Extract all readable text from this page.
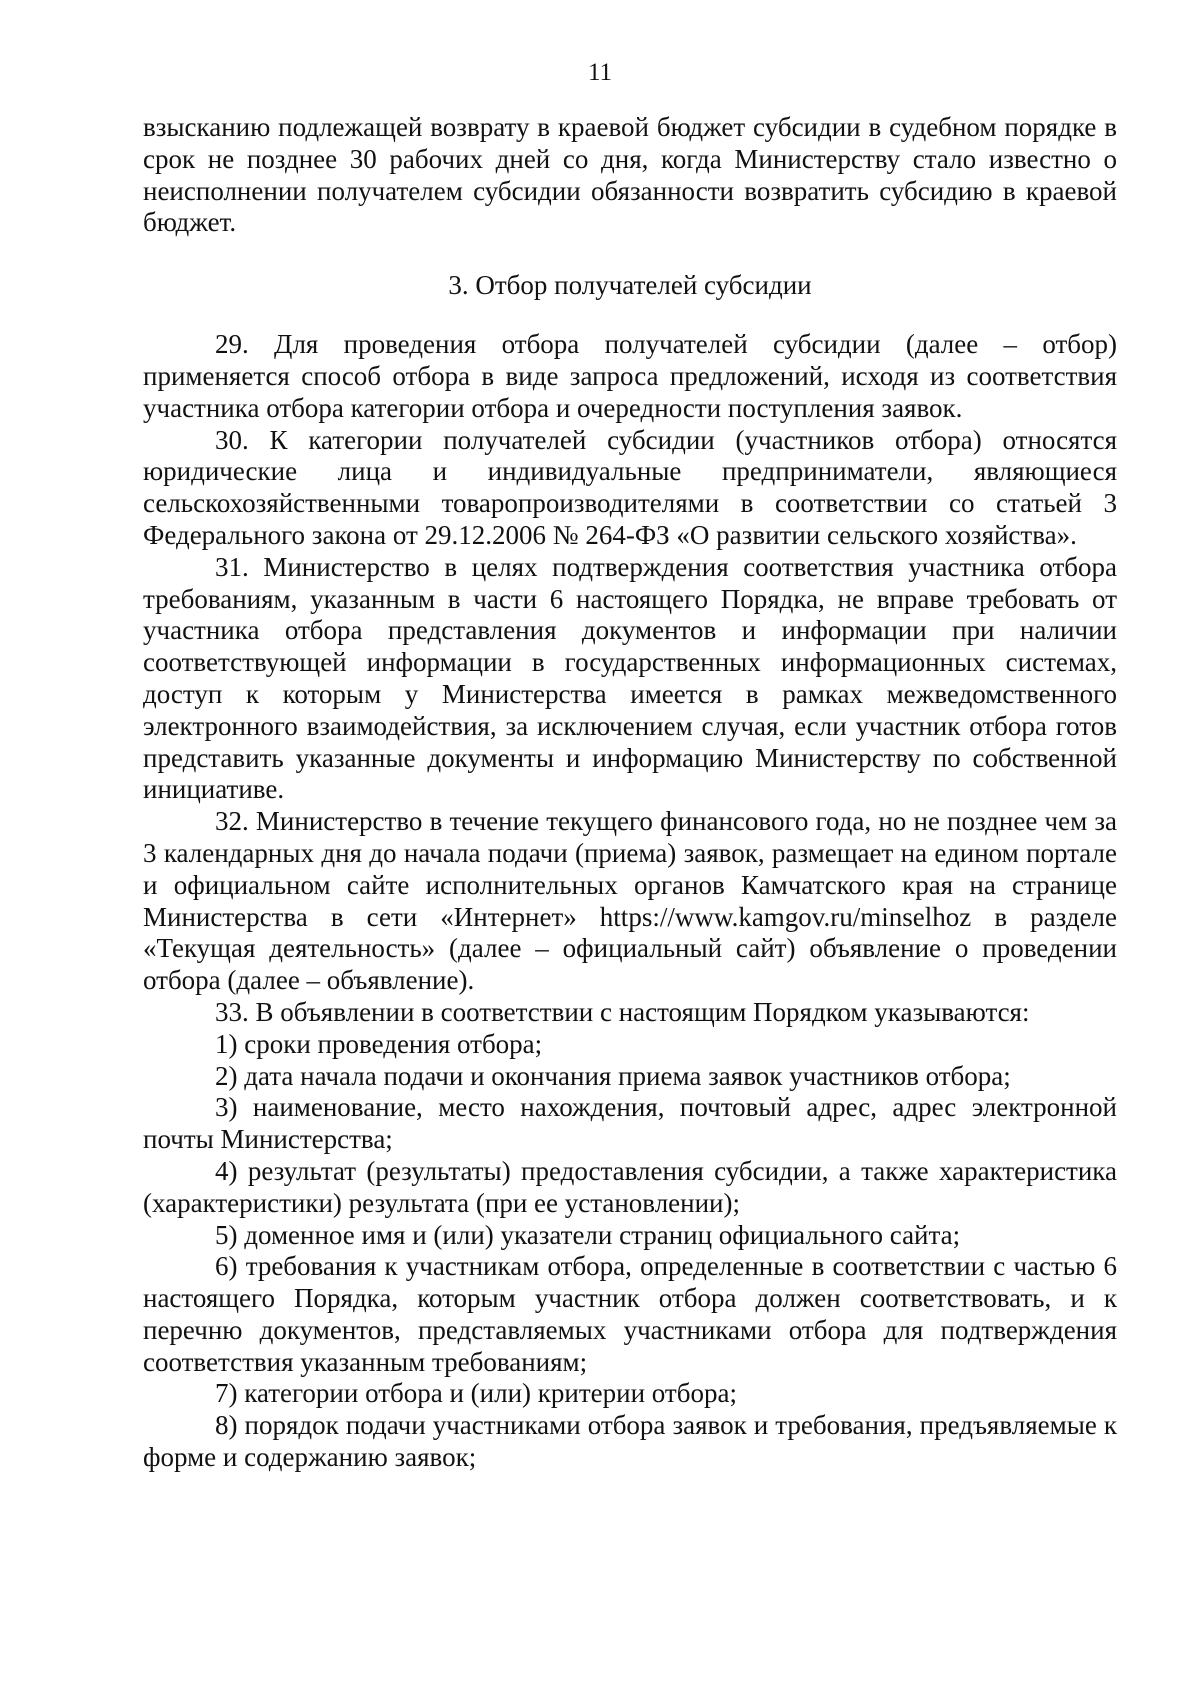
11

взысканию подлежащей возврату в краевой бюджет субсидии в судебном порядке в срок не позднее 30 рабочих дней со дня, когда Министерству стало известно о неисполнении получателем субсидии обязанности возвратить субсидию в краевой бюджет.

3. Отбор получателей субсидии

29. Для проведения отбора получателей субсидии (далее – отбор) применяется способ отбора в виде запроса предложений, исходя из соответствия участника отбора категории отбора и очередности поступления заявок.

30. К категории получателей субсидии (участников отбора) относятся юридические лица и индивидуальные предприниматели, являющиеся сельскохозяйственными товаропроизводителями в соответствии со статьей 3 Федерального закона от 29.12.2006 № 264-ФЗ «О развитии сельского хозяйства».

31. Министерство в целях подтверждения соответствия участника отбора требованиям, указанным в части 6 настоящего Порядка, не вправе требовать от участника отбора представления документов и информации при наличии соответствующей информации в государственных информационных системах, доступ к которым у Министерства имеется в рамках межведомственного электронного взаимодействия, за исключением случая, если участник отбора готов представить указанные документы и информацию Министерству по собственной инициативе.

32. Министерство в течение текущего финансового года, но не позднее чем за 3 календарных дня до начала подачи (приема) заявок, размещает на едином портале и официальном сайте исполнительных органов Камчатского края на странице Министерства в сети «Интернет» https://www.kamgov.ru/minselhoz в разделе «Текущая деятельность» (далее – официальный сайт) объявление о проведении отбора (далее – объявление).

33. В объявлении в соответствии с настоящим Порядком указываются:

1) сроки проведения отбора;

2) дата начала подачи и окончания приема заявок участников отбора;

3) наименование, место нахождения, почтовый адрес, адрес электронной почты Министерства;

4) результат (результаты) предоставления субсидии, а также характеристика (характеристики) результата (при ее установлении);

5) доменное имя и (или) указатели страниц официального сайта;

6) требования к участникам отбора, определенные в соответствии с частью 6 настоящего Порядка, которым участник отбора должен соответствовать, и к перечню документов, представляемых участниками отбора для подтверждения соответствия указанным требованиям;

7) категории отбора и (или) критерии отбора;

8) порядок подачи участниками отбора заявок и требования, предъявляемые к форме и содержанию заявок;
